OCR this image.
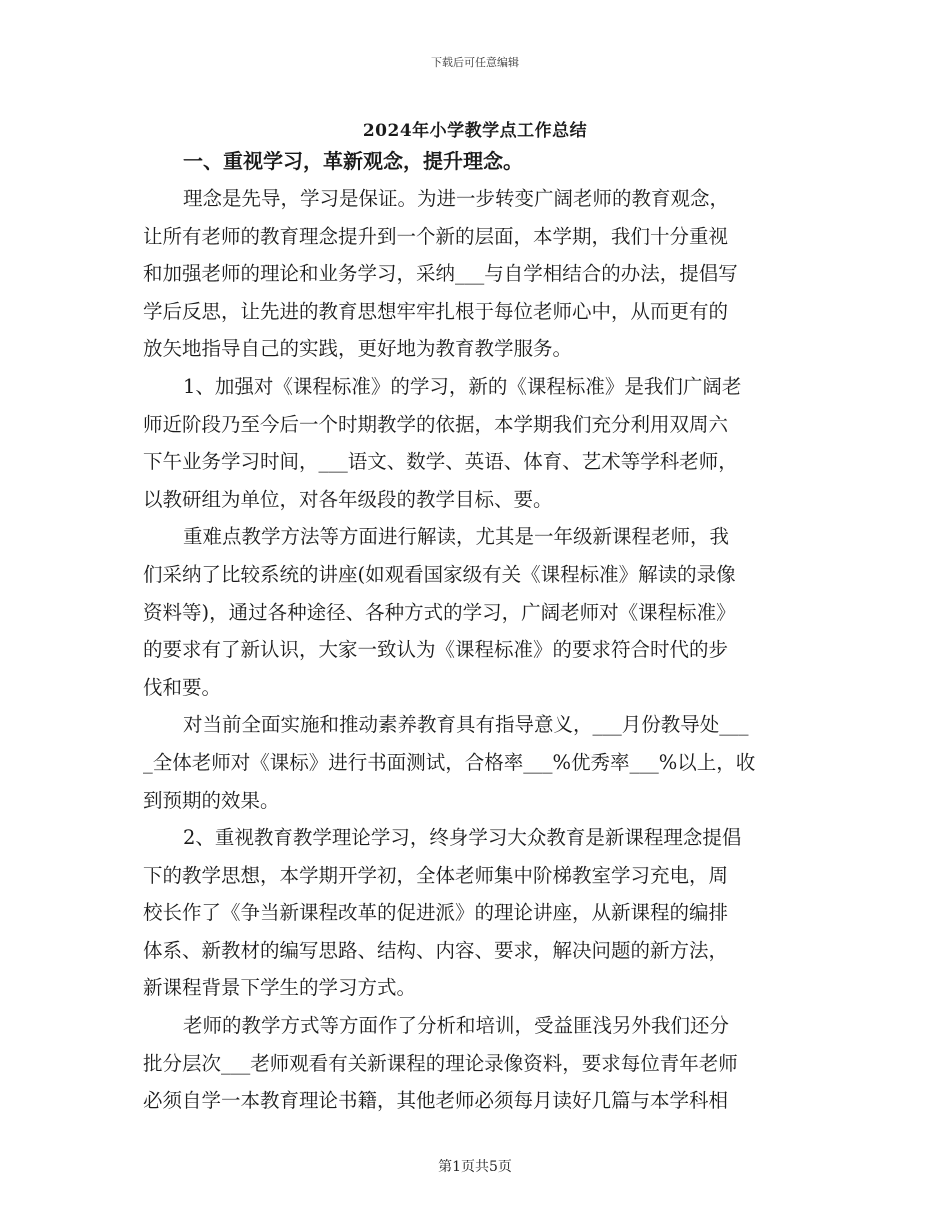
下载后可任意编辑
2024年小学教学点工作总结

一、重视学习，革新观念，提升理念。

理念是先导，学习是保证。为进一步转变广阔老师的教育观念，
让所有老师的教育理念提升到一个新的层面，本学期，我们十分重视
和加强老师的理论和业务学习，采纳___与自学相结合的办法，提倡写
学后反思，让先进的教育思想牢牢扎根于每位老师心中，从而更有的
放矢地指导自己的实践，更好地为教育教学服务。
1、加强对《课程标准》的学习，新的《课程标准》是我们广阔老
师近阶段乃至今后一个时期教学的依据，本学期我们充分利用双周六
下午业务学习时间，___语文、数学、英语、体育、艺术等学科老师，
以教研组为单位，对各年级段的教学目标、要。
重难点教学方法等方面进行解读，尤其是一年级新课程老师，我
们采纳了比较系统的讲座(如观看国家级有关《课程标准》解读的录像
资料等)，通过各种途径、各种方式的学习，广阔老师对《课程标准》
的要求有了新认识，大家一致认为《课程标准》的要求符合时代的步
伐和要。
对当前全面实施和推动素养教育具有指导意义，___月份教导处___
_全体老师对《课标》进行书面测试，合格率___%优秀率___%以上，收
到预期的效果。
2、重视教育教学理论学习，终身学习大众教育是新课程理念提倡
下的教学思想，本学期开学初，全体老师集中阶梯教室学习充电，周
校长作了《争当新课程改革的促进派》的理论讲座，从新课程的编排
体系、新教材的编写思路、结构、内容、要求，解决问题的新方法，
新课程背景下学生的学习方式。
老师的教学方式等方面作了分析和培训，受益匪浅另外我们还分
批分层次___老师观看有关新课程的理论录像资料，要求每位青年老师
必须自学一本教育理论书籍，其他老师必须每月读好几篇与本学科相
第1页共5页
